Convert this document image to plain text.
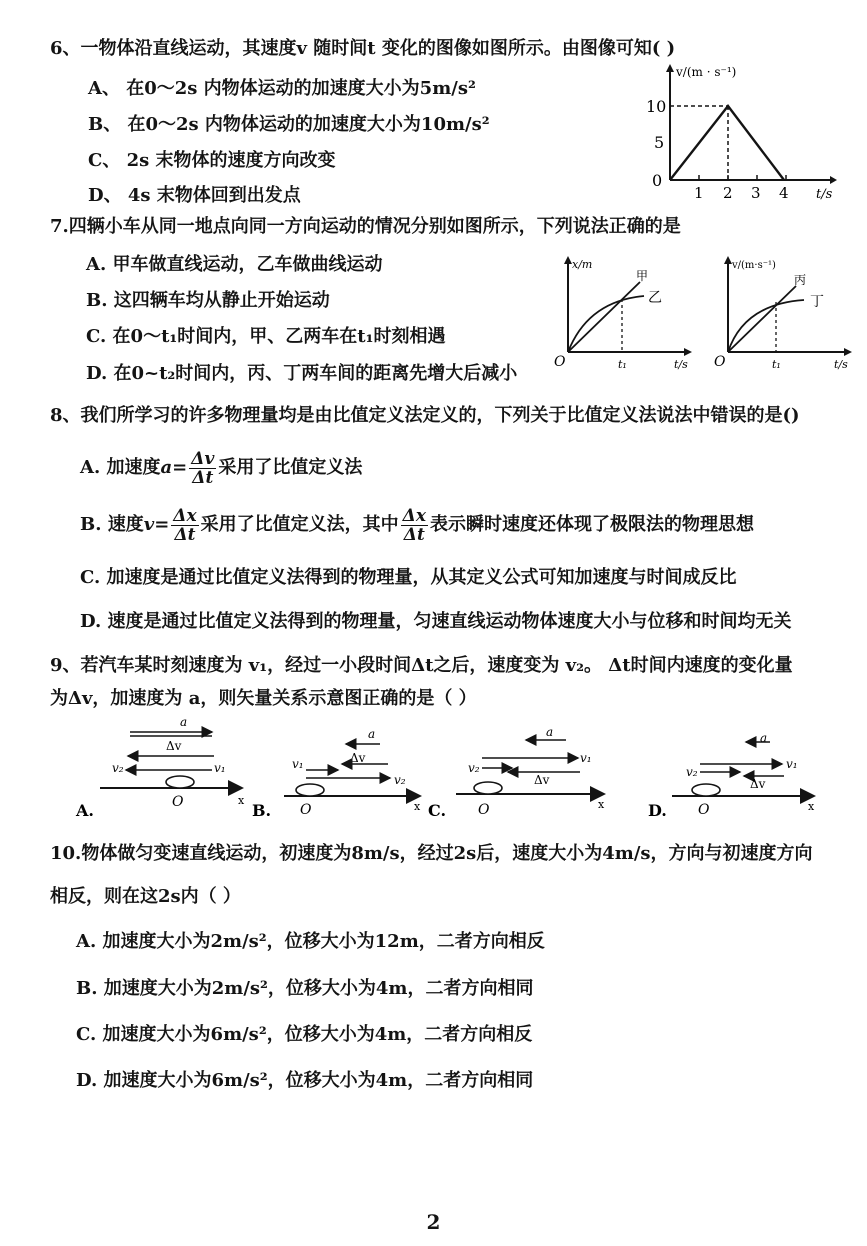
6、一物体沿直线运动，其速度v 随时间t 变化的图像如图所示。由图像可知( )
A、 在0～2s 内物体运动的加速度大小为5m/s²
B、 在0～2s 内物体运动的加速度大小为10m/s²
C、 2s 末物体的速度方向改变
D、 4s 末物体回到出发点
v/(m · s⁻¹)
t/s
0
10
5
1 2 3 4
7.四辆小车从同一地点向同一方向运动的情况分别如图所示，下列说法正确的是
A. 甲车做直线运动，乙车做曲线运动
B. 这四辆车均从静止开始运动
C. 在0～t₁时间内，甲、乙两车在t₁时刻相遇
D. 在0~t₂时间内，丙、丁两车间的距离先增大后减小
x/m
t/s
O	t₁
甲
乙
v/(m·s⁻¹)
t/s
O	t₁
丙
丁
8、我们所学习的许多物理量均是由比值定义法定义的，下列关于比值定义法说法中错误的是()
A. 加速度$a= \frac{\Delta v}{\Delta t}$ 采用了比值定义法
B. 速度$v= \frac{\Delta x}{\Delta t}$ 采用了比值定义法，其中 $\frac{\Delta x}{\Delta t}$ 表示瞬时速度还体现了极限法的物理思想
C. 加速度是通过比值定义法得到的物理量，从其定义公式可知加速度与时间成反比
D. 速度是通过比值定义法得到的物理量，匀速直线运动物体速度大小与位移和时间均无关
9、若汽车某时刻速度为 v₁，经过一小段时间Δt之后，速度变为 v₂。 Δt时间内速度的变化量
为Δv，加速度为 a，则矢量关系示意图正确的是（ ）
a
Δv
v₂	v₁
O	x
A.
a
Δv
v₁
v₂
O	x
B.
a
v₁
v₂
Δv
O	x
C.
a
v₁
v₂
Δv
O	x
D.
10.物体做匀变速直线运动，初速度为8m/s，经过2s后，速度大小为4m/s，方向与初速度方向
相反，则在这2s内（ ）
A. 加速度大小为2m/s²，位移大小为12m，二者方向相反
B. 加速度大小为2m/s²，位移大小为4m，二者方向相同
C. 加速度大小为6m/s²，位移大小为4m，二者方向相反
D. 加速度大小为6m/s²，位移大小为4m，二者方向相同
2
